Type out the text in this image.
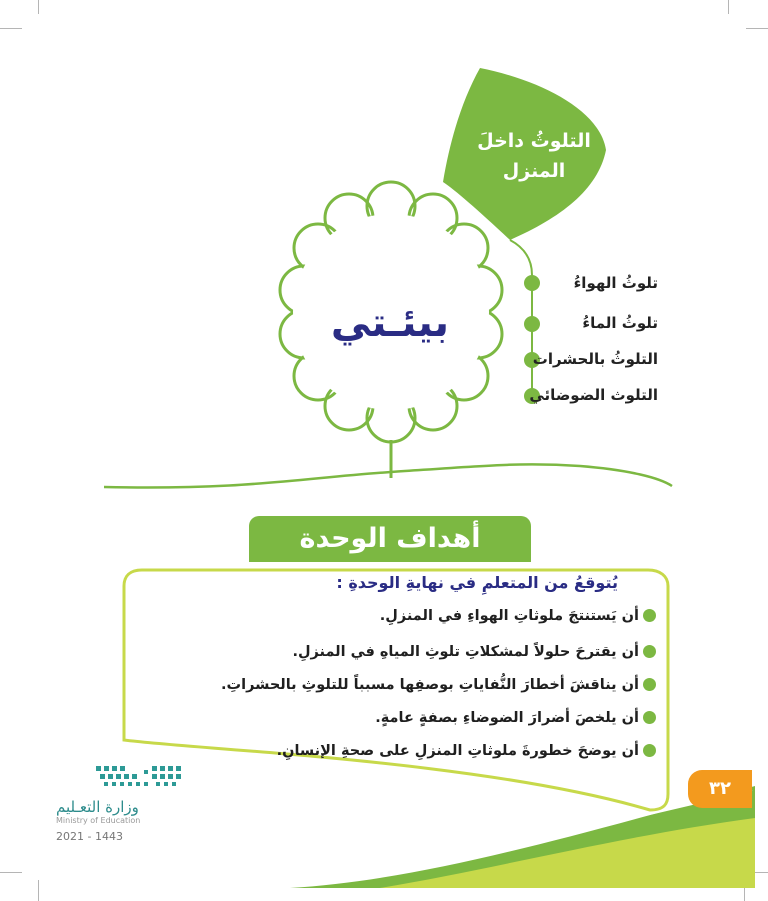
التلوثُ داخلَ
المنزل
بيئـتي
تلوثُ الهواءُ
تلوثُ الماءُ
التلوثُ بالحشرات
التلوث الضوضائي
أهداف الوحدة
يُتوقعُ من المتعلمِ في نهايةِ الوحدةِ :
أن يَستنتجَ ملوثاتِ الهواءِ في المنزلِ.
أن يقترحَ حلولاً لمشكلاتِ تلوثِ المياهِ في المنزلِ.
أن يناقشَ أخطارَ النُّفاياتِ بوصفِها مسبباً للتلوثِ بالحشراتِ.
أن يلخصَ أضرارَ الضوضاءِ بصفةٍ عامةٍ.
أن يوضحَ خطورةَ ملوثاتِ المنزلِ على صحةِ الإنسانِ.
٣٢
وزارة التعـليم
Ministry of Education
2021 - 1443
